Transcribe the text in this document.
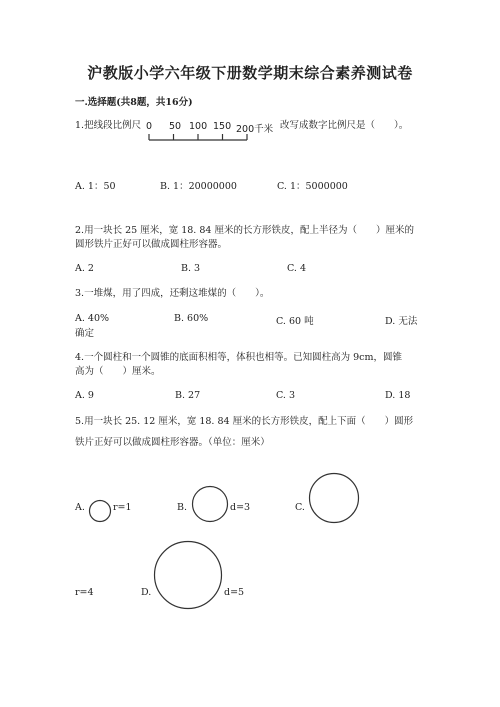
沪教版小学六年级下册数学期末综合素养测试卷
一.选择题(共8题，共16分)
1.把线段比例尺 0 50 100 150 200千米 改写成数字比例尺是（　　）。
A. 1：50	B. 1：20000000	C. 1：5000000
2.用一块长 25 厘米，宽 18. 84 厘米的长方形铁皮，配上半径为（　　）厘米的
圆形铁片正好可以做成圆柱形容器。
A. 2	B. 3	C. 4
3.一堆煤，用了四成，还剩这堆煤的（　　）。
A. 40%	B. 60%	C. 60 吨	D. 无法
确定
4.一个圆柱和一个圆锥的底面积相等，体积也相等。已知圆柱高为 9cm，圆锥
高为（　　）厘米。
A. 9	B. 27	C. 3	D. 18
5.用一块长 25. 12 厘米，宽 18. 84 厘米的长方形铁皮，配上下面（　　）圆形
铁片正好可以做成圆柱形容器。（单位：厘米）
A.	r=1	B.	d=3	C.
r=4	D.	d=5
